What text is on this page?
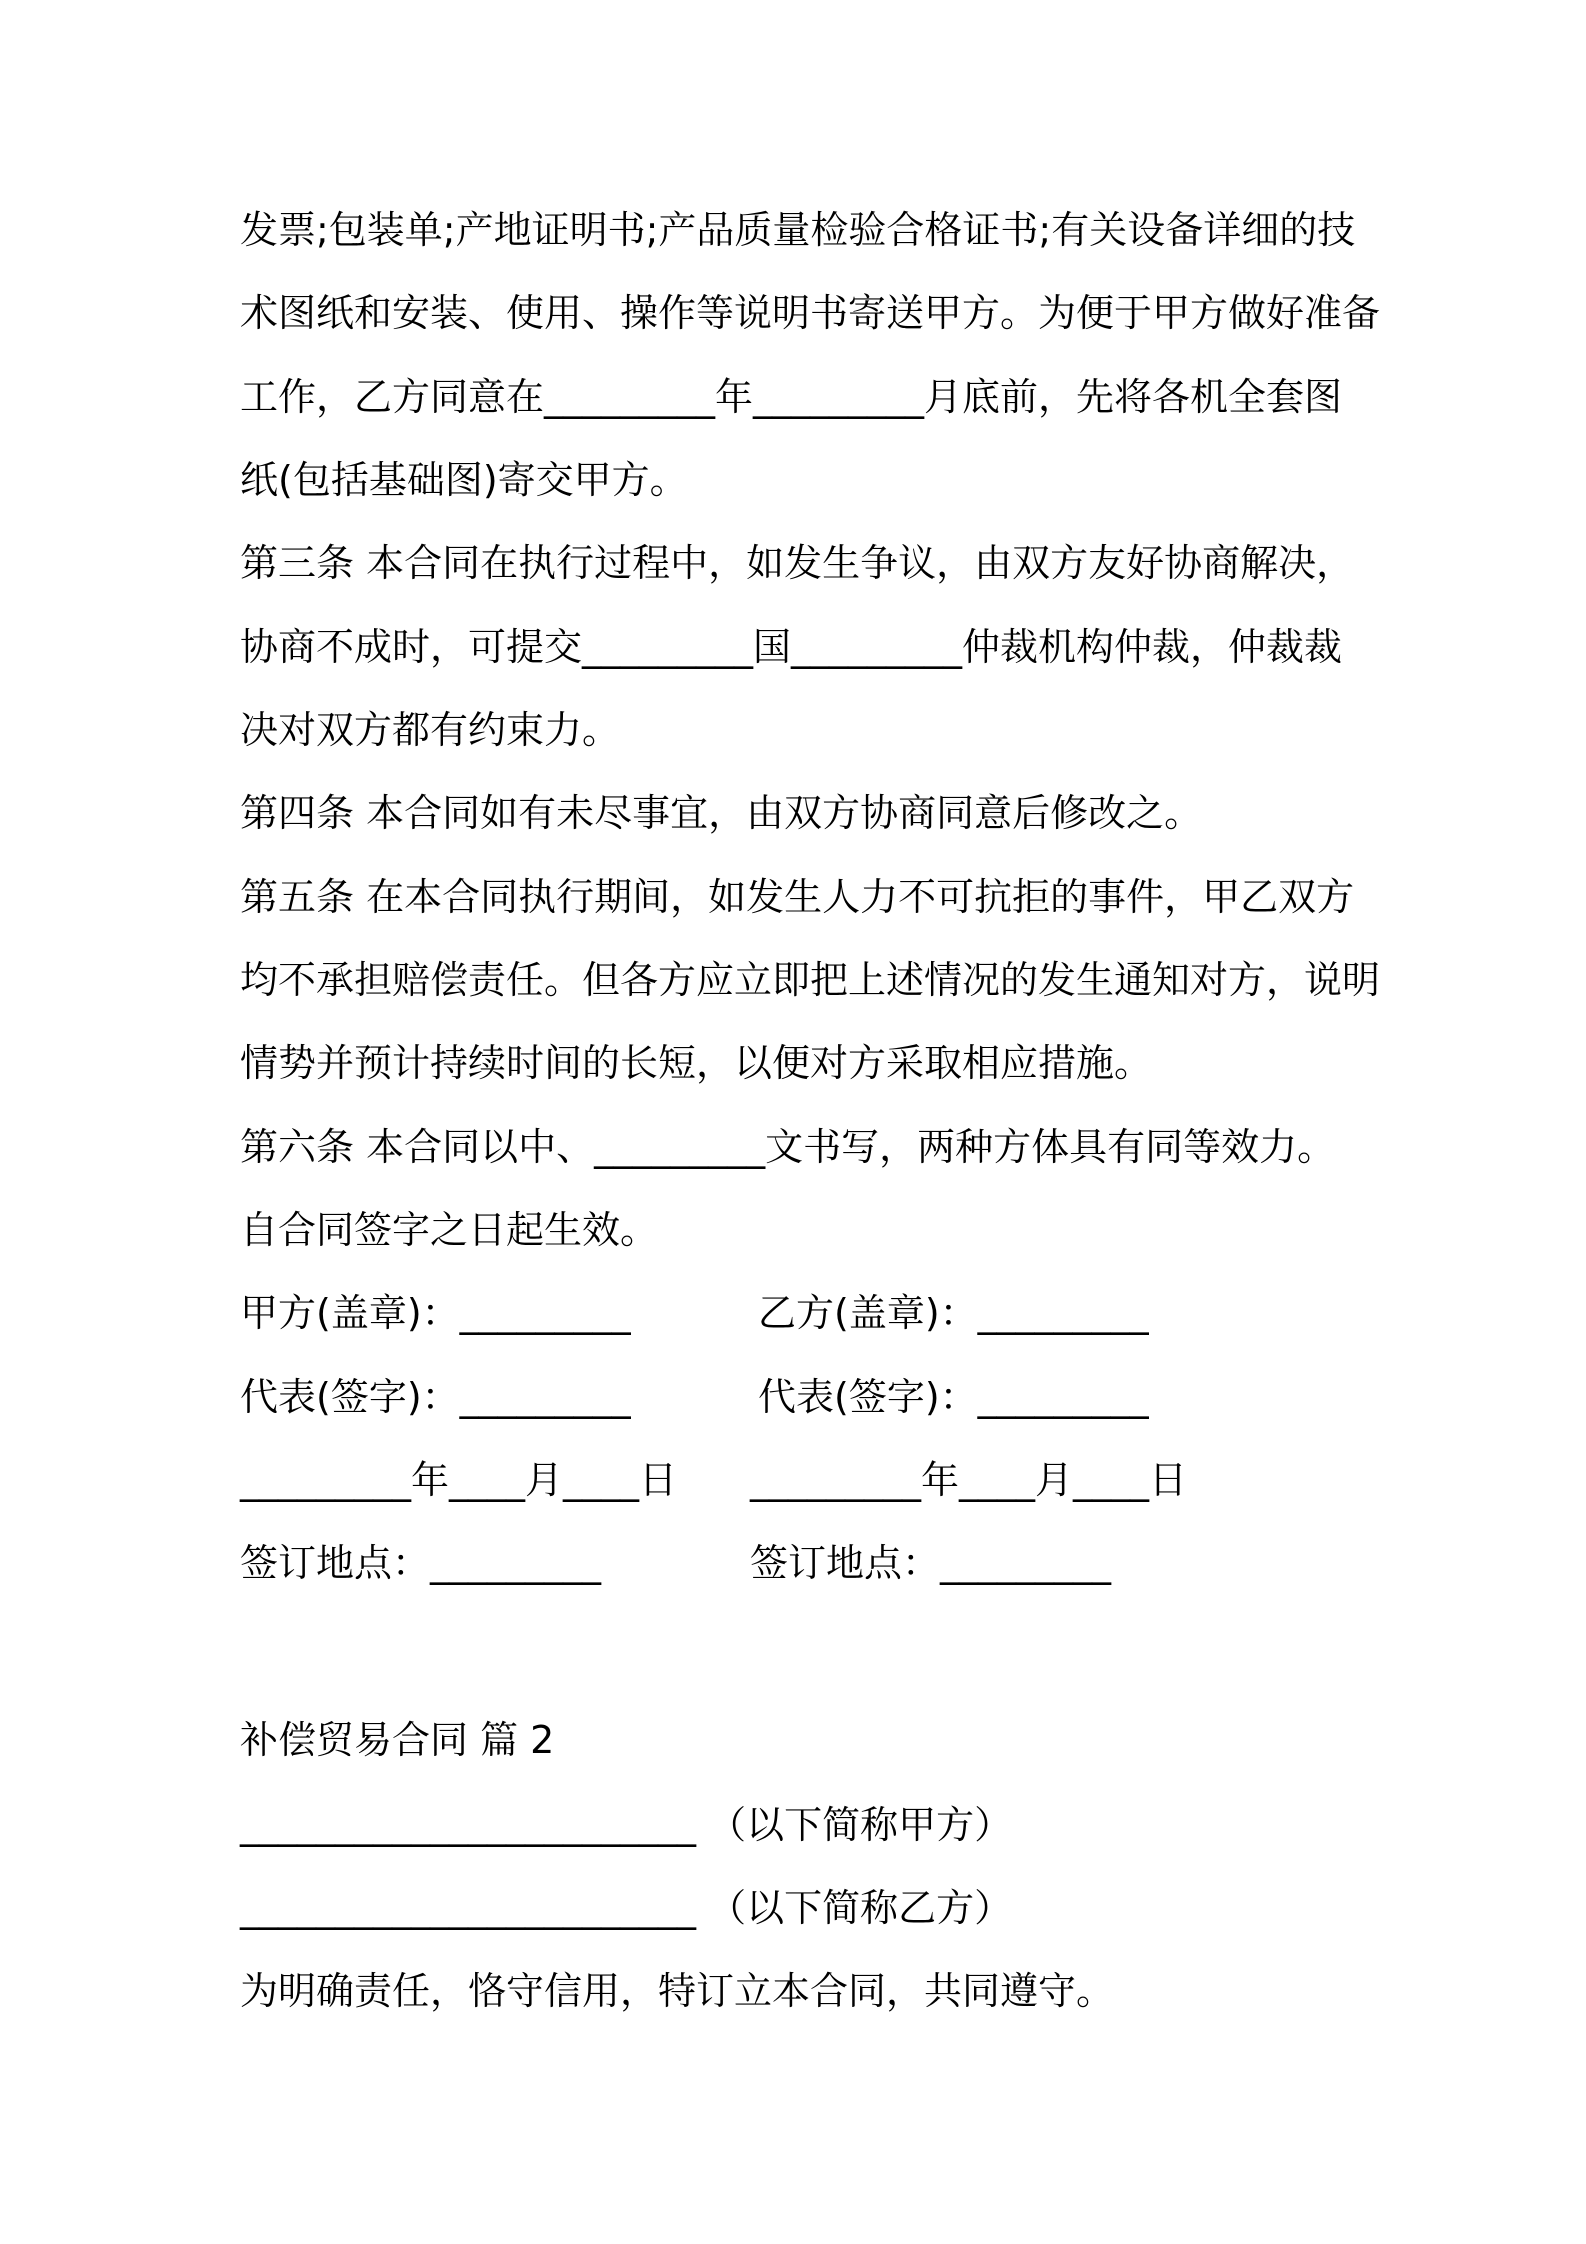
发票;包装单;产地证明书;产品质量检验合格证书;有关设备详细的技
术图纸和安装、使用、操作等说明书寄送甲方。为便于甲方做好准备
工作，乙方同意在_________年_________月底前，先将各机全套图
纸(包括基础图)寄交甲方。
第三条 本合同在执行过程中，如发生争议，由双方友好协商解决，
协商不成时，可提交_________国_________仲裁机构仲裁，仲裁裁
决对双方都有约束力。
第四条 本合同如有未尽事宜，由双方协商同意后修改之。
第五条 在本合同执行期间，如发生人力不可抗拒的事件，甲乙双方
均不承担赔偿责任。但各方应立即把上述情况的发生通知对方，说明
情势并预计持续时间的长短，以便对方采取相应措施。
第六条 本合同以中、_________文书写，两种方体具有同等效力。
自合同签字之日起生效。
甲方(盖章)：_________	乙方(盖章)：_________
代表(签字)：_________	代表(签字)：_________
_________年____月____日 _________年____月____日
签订地点：_________	签订地点：_________
补偿贸易合同 篇 2
________________________ （以下简称甲方）
________________________ （以下简称乙方）
为明确责任，恪守信用，特订立本合同，共同遵守。
